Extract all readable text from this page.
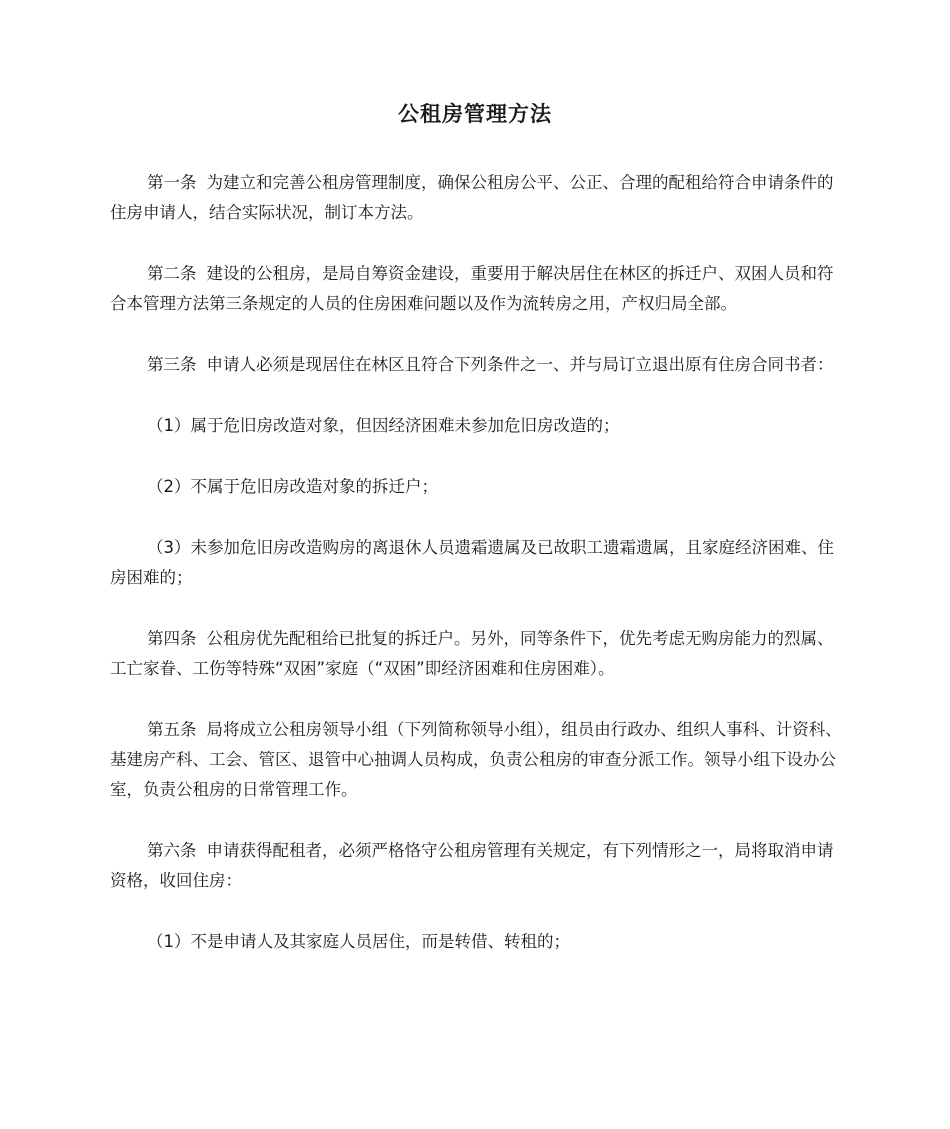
公租房管理方法

第一条 为建立和完善公租房管理制度，确保公租房公平、公正、合理的配租给符合申请条件的住房申请人，结合实际状况，制订本方法。

第二条 建设的公租房，是局自筹资金建设，重要用于解决居住在林区的拆迁户、双困人员和符合本管理方法第三条规定的人员的住房困难问题以及作为流转房之用，产权归局全部。

第三条 申请人必须是现居住在林区且符合下列条件之一、并与局订立退出原有住房合同书者：

（1）属于危旧房改造对象，但因经济困难未参加危旧房改造的；

（2）不属于危旧房改造对象的拆迁户；

（3）未参加危旧房改造购房的离退休人员遗霜遗属及已故职工遗霜遗属，且家庭经济困难、住房困难的；

第四条 公租房优先配租给已批复的拆迁户。另外，同等条件下，优先考虑无购房能力的烈属、工亡家眷、工伤等特殊“双困”家庭（“双困”即经济困难和住房困难）。

第五条 局将成立公租房领导小组（下列简称领导小组），组员由行政办、组织人事科、计资科、基建房产科、工会、管区、退管中心抽调人员构成，负责公租房的审查分派工作。领导小组下设办公室，负责公租房的日常管理工作。

第六条 申请获得配租者，必须严格恪守公租房管理有关规定，有下列情形之一，局将取消申请资格，收回住房：

（1）不是申请人及其家庭人员居住，而是转借、转租的；
